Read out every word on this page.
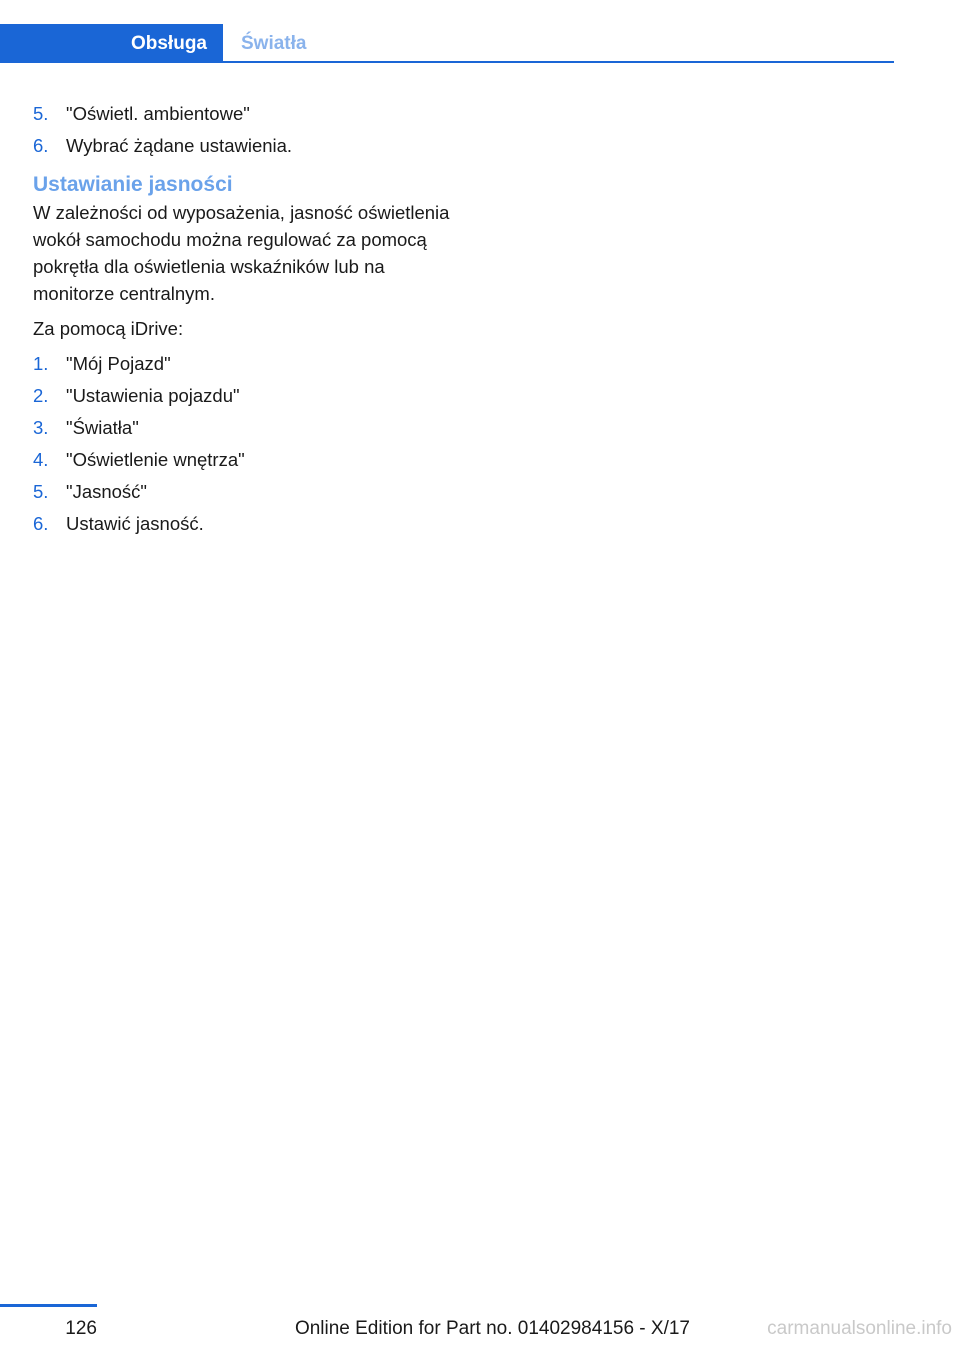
Obsługa	Światła
5. "Oświetl. ambientowe"
6. Wybrać żądane ustawienia.
Ustawianie jasności

W zależności od wyposażenia, jasność oświetlenia wokół samochodu można regulować za pomocą pokrętła dla oświetlenia wskaźników lub na monitorze centralnym.

Za pomocą iDrive:

1. "Mój Pojazd"
2. "Ustawienia pojazdu"
3. "Światła"
4. "Oświetlenie wnętrza"
5. "Jasność"
6. Ustawić jasność.
126	Online Edition for Part no. 01402984156 - X/17	carmanualsonline.info
